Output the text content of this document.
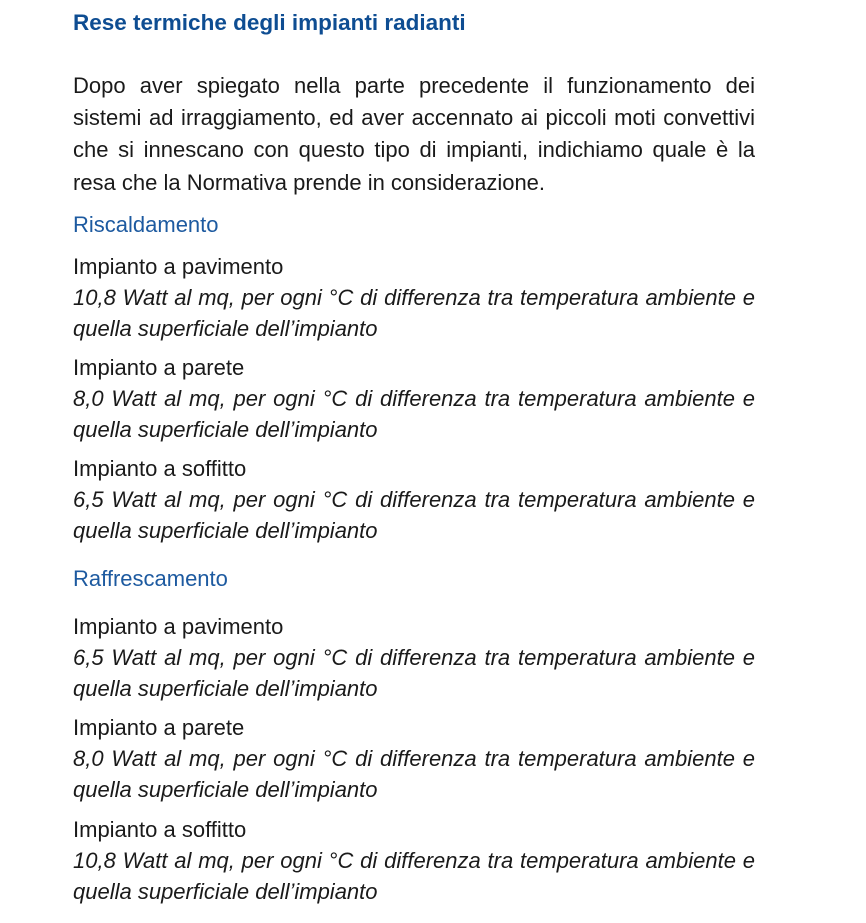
Rese termiche degli impianti radianti

Dopo aver spiegato nella parte precedente il funzionamento dei sistemi ad irraggiamento, ed aver accennato ai piccoli moti convettivi che si innescano con questo tipo di impianti, indichiamo quale è la resa che la Normativa prende in considerazione.

Riscaldamento
Impianto a pavimento
10,8 Watt al mq, per ogni °C di differenza tra temperatura ambiente e quella superficiale dell’impianto
Impianto a parete
8,0 Watt al mq, per ogni °C di differenza tra temperatura ambiente e quella superficiale dell’impianto
Impianto a soffitto
6,5 Watt al mq, per ogni °C di differenza tra temperatura ambiente e quella superficiale dell’impianto
Raffrescamento
Impianto a pavimento
6,5 Watt al mq, per ogni °C di differenza tra temperatura ambiente e quella superficiale dell’impianto
Impianto a parete
8,0 Watt al mq, per ogni °C di differenza tra temperatura ambiente e quella superficiale dell’impianto
Impianto a soffitto
10,8 Watt al mq, per ogni °C di differenza tra temperatura ambiente e quella superficiale dell’impianto
